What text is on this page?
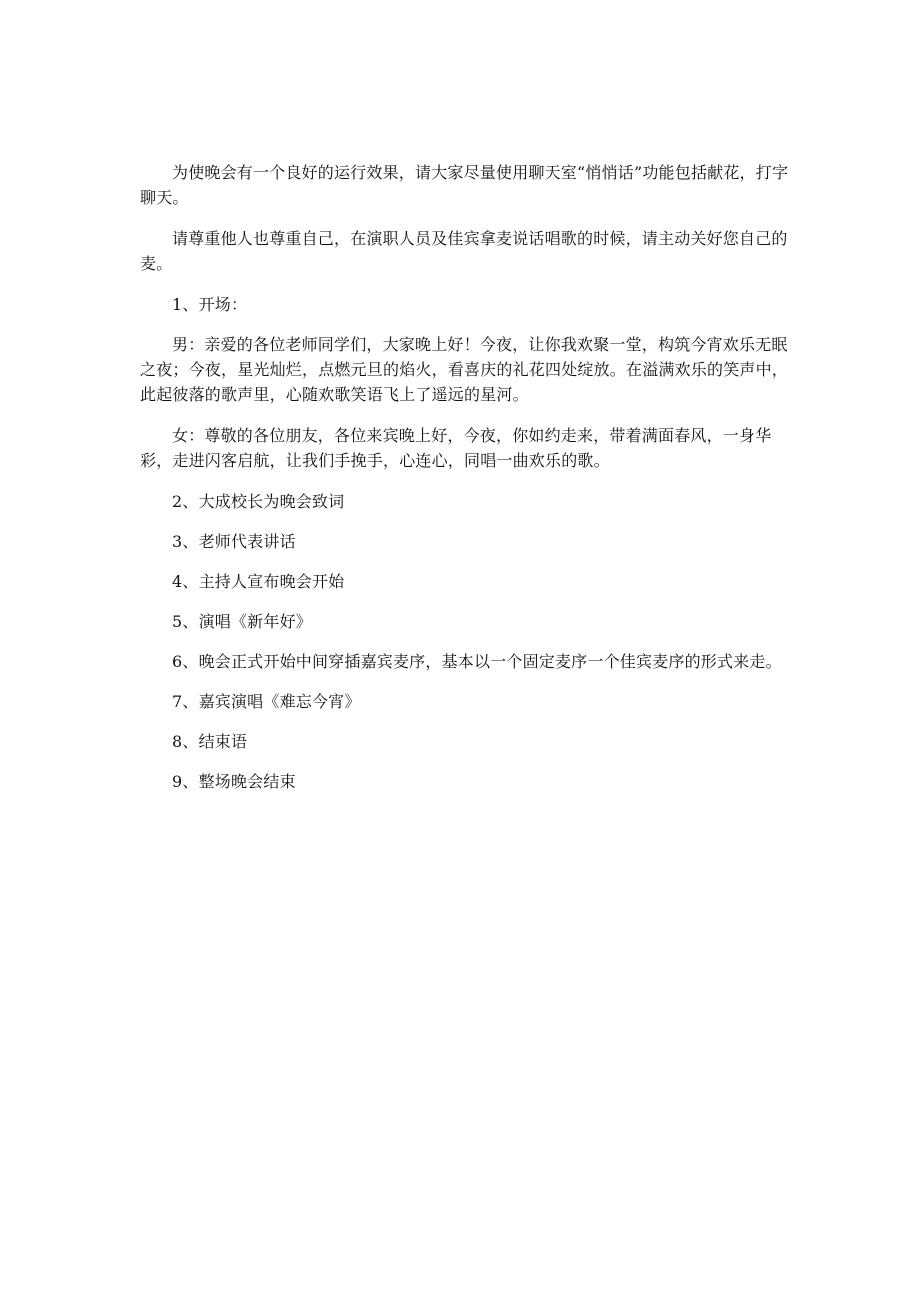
为使晚会有一个良好的运行效果，请大家尽量使用聊天室“悄悄话”功能包括献花，打字聊天。

请尊重他人也尊重自己，在演职人员及佳宾拿麦说话唱歌的时候，请主动关好您自己的麦。

1、开场：

男：亲爱的各位老师同学们，大家晚上好！今夜，让你我欢聚一堂，构筑今宵欢乐无眠之夜；今夜，星光灿烂，点燃元旦的焰火，看喜庆的礼花四处绽放。在溢满欢乐的笑声中，此起彼落的歌声里，心随欢歌笑语飞上了遥远的星河。

女：尊敬的各位朋友，各位来宾晚上好，今夜，你如约走来，带着满面春风，一身华彩，走进闪客启航，让我们手挽手，心连心，同唱一曲欢乐的歌。

2、大成校长为晚会致词

3、老师代表讲话

4、主持人宣布晚会开始

5、演唱《新年好》

6、晚会正式开始中间穿插嘉宾麦序，基本以一个固定麦序一个佳宾麦序的形式来走。

7、嘉宾演唱《难忘今宵》

8、结束语

9、整场晚会结束
